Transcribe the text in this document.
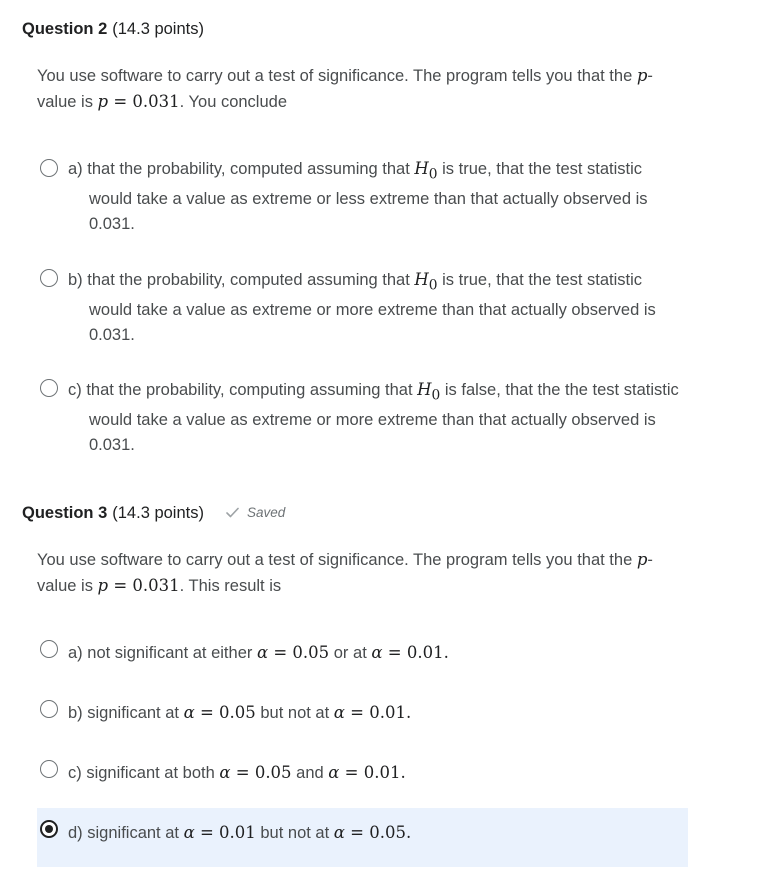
Question 2 (14.3 points)
You use software to carry out a test of significance. The program tells you that the p-
value is p = 0.031. You conclude
a) that the probability, computed assuming that $H_0$ is true, that the test statistic would take a value as extreme or less extreme than that actually observed is 0.031.
b) that the probability, computed assuming that $H_0$ is true, that the test statistic would take a value as extreme or more extreme than that actually observed is 0.031.
c) that the probability, computing assuming that $H_0$ is false, that the the test statistic would take a value as extreme or more extreme than that actually observed is 0.031.
Question 3 (14.3 points)	Saved
You use software to carry out a test of significance. The program tells you that the p-
value is p = 0.031. This result is
a) not significant at either α = 0.05 or at α = 0.01.
b) significant at α = 0.05 but not at α = 0.01.
c) significant at both α = 0.05 and α = 0.01.
d) significant at α = 0.01 but not at α = 0.05.
